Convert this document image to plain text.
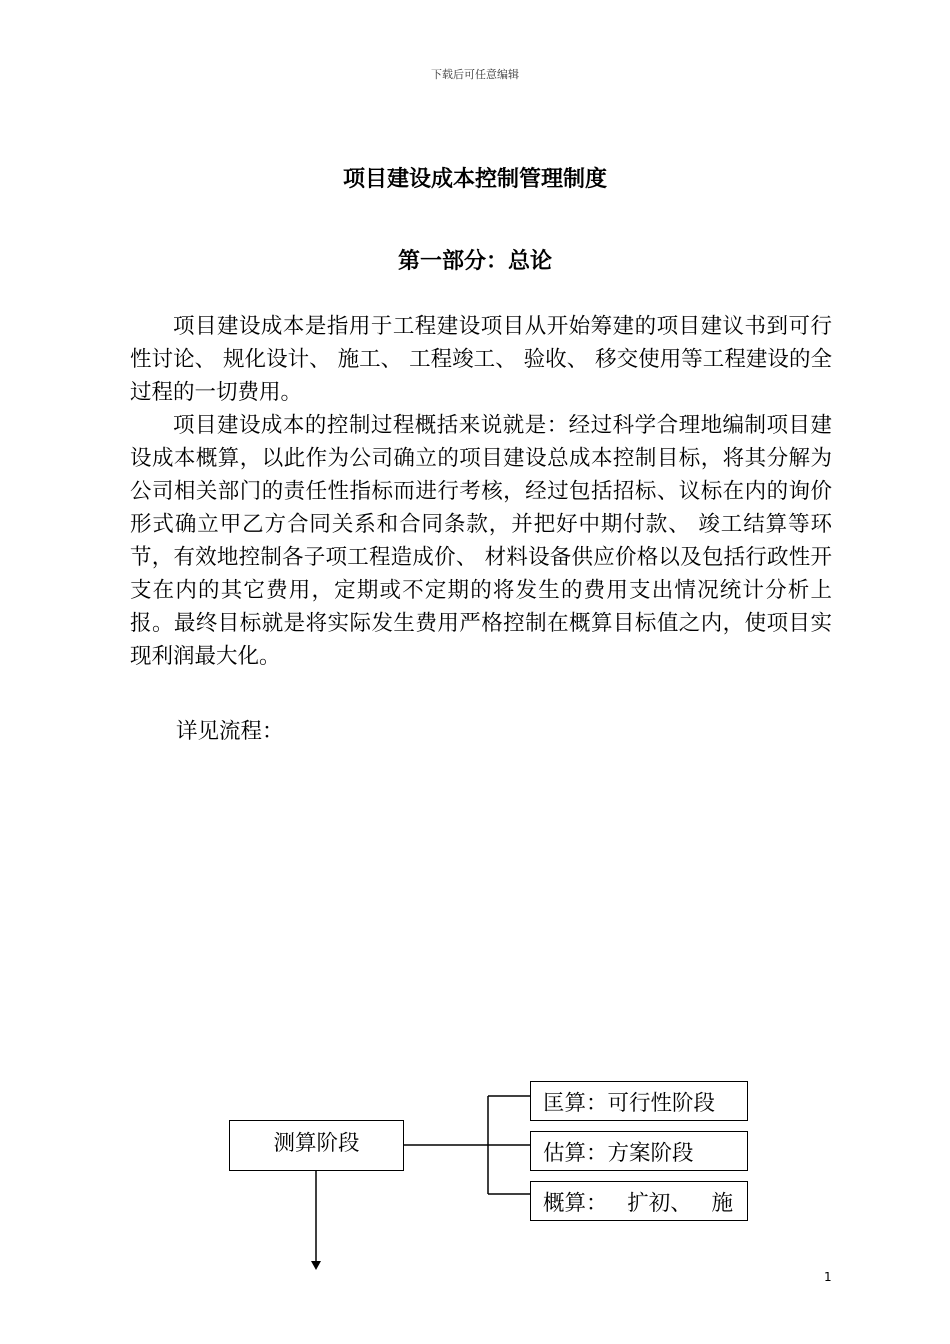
下载后可任意编辑
项目建设成本控制管理制度
第一部分：总论

项目建设成本是指用于工程建设项目从开始筹建的项目建议书到可行性讨论、 规化设计、 施工、 工程竣工、 验收、 移交使用等工程建设的全过程的一切费用。

项目建设成本的控制过程概括来说就是：经过科学合理地编制项目建设成本概算，以此作为公司确立的项目建设总成本控制目标，将其分解为公司相关部门的责任性指标而进行考核，经过包括招标、议标在内的询价形式确立甲乙方合同关系和合同条款，并把好中期付款、 竣工结算等环节，有效地控制各子项工程造成价、 材料设备供应价格以及包括行政性开支在内的其它费用，定期或不定期的将发生的费用支出情况统计分析上报。最终目标就是将实际发生费用严格控制在概算目标值之内，使项目实现利润最大化。

详见流程：
测算阶段
匡算：可行性阶段
估算：方案阶段
概算： 扩初、 施
1
